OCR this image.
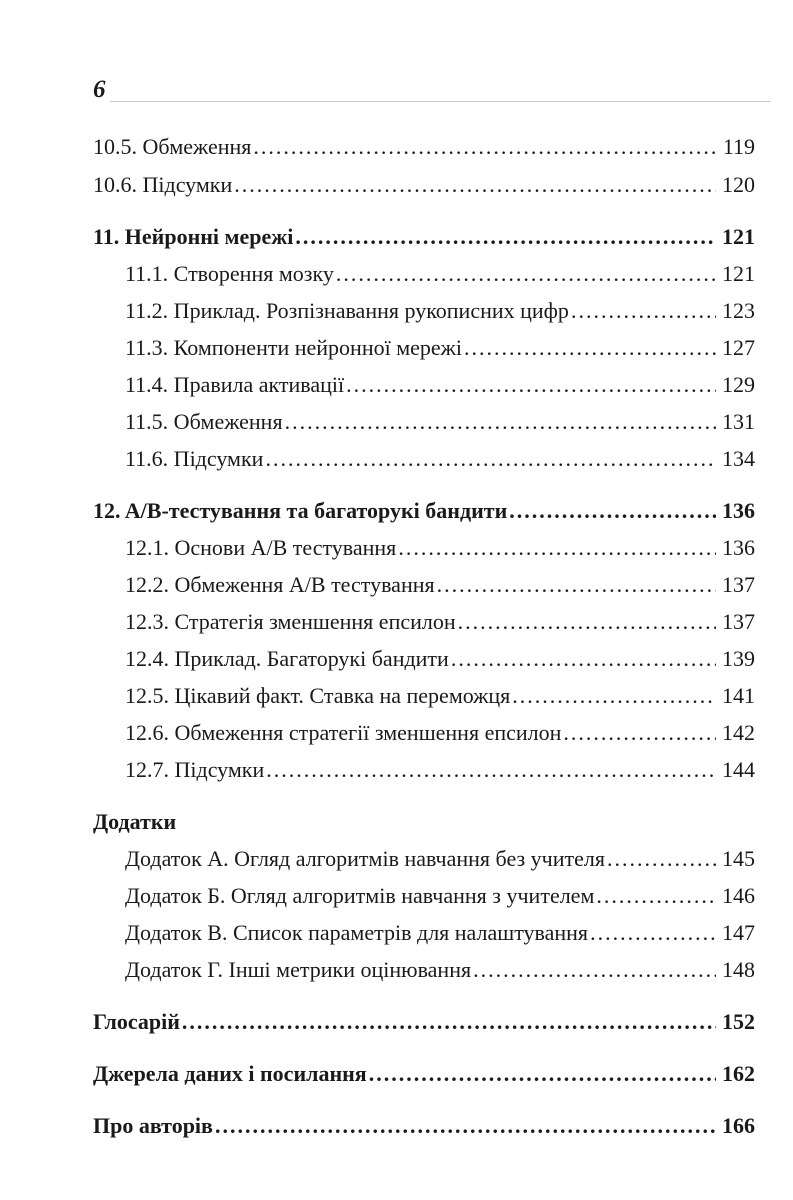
6
10.5. Обмеження .....	119
10.6. Підсумки .....	120
11. Нейронні мережі .....	121
11.1. Створення мозку .....	121
11.2. Приклад. Розпізнавання рукописних цифр .....	123
11.3. Компоненти нейронної мережі .....	127
11.4. Правила активації .....	129
11.5. Обмеження .....	131
11.6. Підсумки .....	134
12. A/B-тестування та багаторукі бандити .....	136
12.1. Основи A/B тестування .....	136
12.2. Обмеження A/B тестування .....	137
12.3. Стратегія зменшення епсилон .....	137
12.4. Приклад. Багаторукі бандити .....	139
12.5. Цікавий факт. Ставка на переможця .....	141
12.6. Обмеження стратегії зменшення епсилон .....	142
12.7. Підсумки .....	144
Додатки
Додаток A. Огляд алгоритмів навчання без учителя .....	145
Додаток Б. Огляд алгоритмів навчання з учителем .....	146
Додаток В. Список параметрів для налаштування .....	147
Додаток Г. Інші метрики оцінювання .....	148
Глосарій .....	152
Джерела даних і посилання .....	162
Про авторів .....	166
